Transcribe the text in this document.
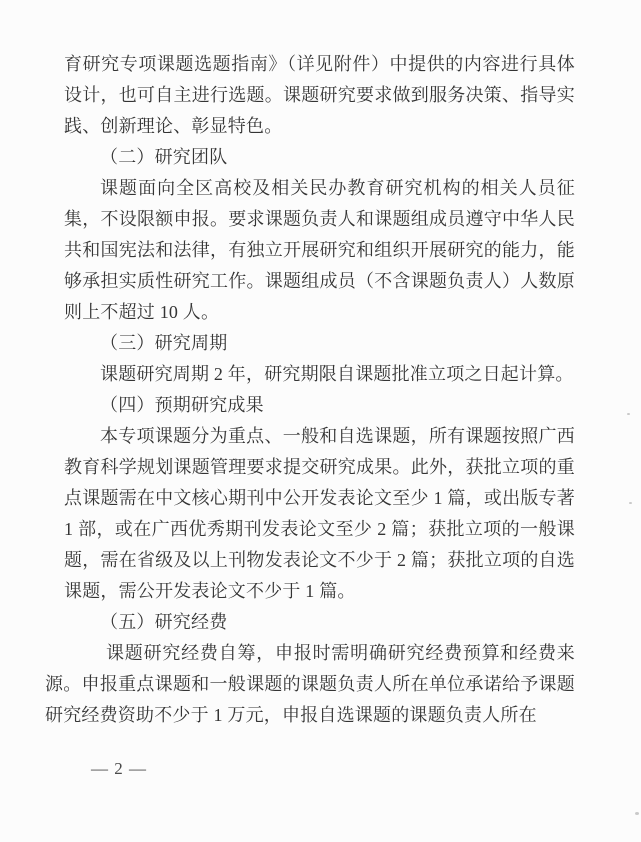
育研究专项课题选题指南》（详见附件）中提供的内容进行具体设计，也可自主进行选题。课题研究要求做到服务决策、指导实践、创新理论、彰显特色。

（二）研究团队

课题面向全区高校及相关民办教育研究机构的相关人员征集，不设限额申报。要求课题负责人和课题组成员遵守中华人民共和国宪法和法律，有独立开展研究和组织开展研究的能力，能够承担实质性研究工作。课题组成员（不含课题负责人）人数原则上不超过 10 人。

（三）研究周期

课题研究周期 2 年，研究期限自课题批准立项之日起计算。

（四）预期研究成果

本专项课题分为重点、一般和自选课题，所有课题按照广西教育科学规划课题管理要求提交研究成果。此外，获批立项的重点课题需在中文核心期刊中公开发表论文至少 1 篇，或出版专著 1 部，或在广西优秀期刊发表论文至少 2 篇；获批立项的一般课题，需在省级及以上刊物发表论文不少于 2 篇；获批立项的自选课题，需公开发表论文不少于 1 篇。

（五）研究经费

课题研究经费自筹，申报时需明确研究经费预算和经费来源。申报重点课题和一般课题的课题负责人所在单位承诺给予课题研究经费资助不少于 1 万元，申报自选课题的课题负责人所在

— 2 —
